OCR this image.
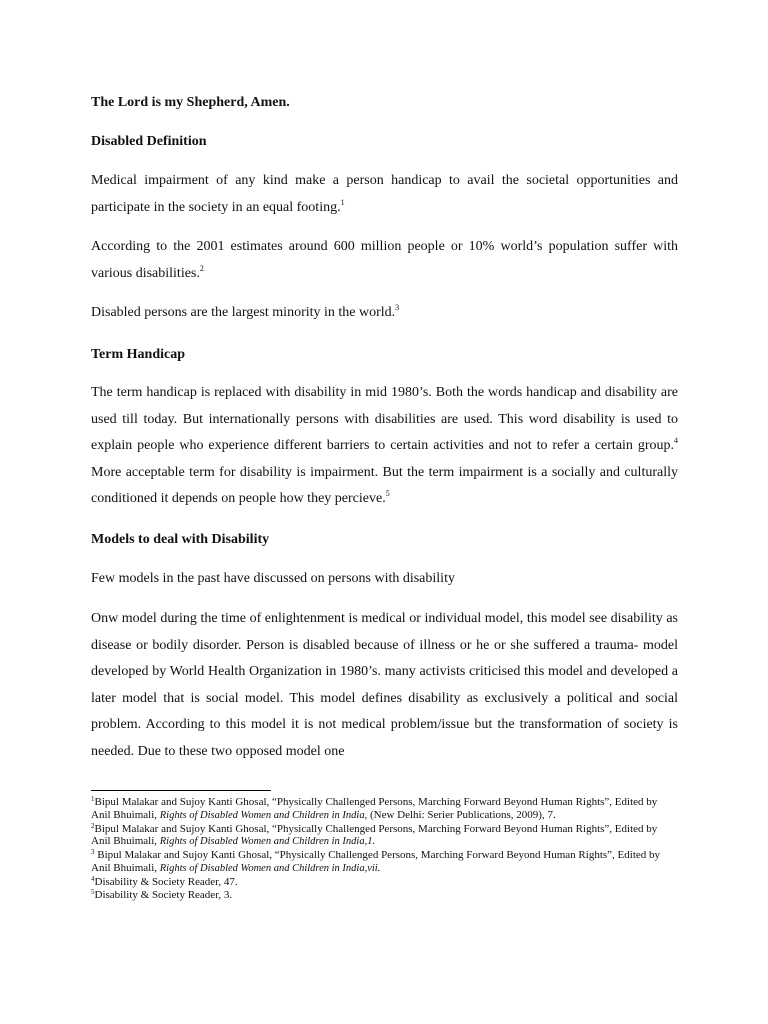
The Lord is my Shepherd, Amen.
Disabled Definition
Medical impairment of any kind make a person handicap to avail the societal opportunities and participate in the society in an equal footing.$^1$
According to the 2001 estimates around 600 million people or 10% world’s population suffer with various disabilities.$^2$
Disabled persons are the largest minority in the world.$^3$
Term Handicap
The term handicap is replaced with disability in mid 1980’s. Both the words handicap and disability are used till today. But internationally persons with disabilities are used. This word disability is used to explain people who experience different barriers to certain activities and not to refer a certain group.$^4$ More acceptable term for disability is impairment. But the term impairment is a socially and culturally conditioned it depends on people how they percieve.$^5$
Models to deal with Disability
Few models in the past have discussed on persons with disability
Onw model during the time of enlightenment is medical or individual model, this model see disability as disease or bodily disorder. Person is disabled because of illness or he or she suffered a trauma- model developed by World Health Organization in 1980’s. many activists criticised this model and developed a later model that is social model. This model defines disability as exclusively a political and social problem. According to this model it is not medical problem/issue but the transformation of society is needed. Due to these two opposed model one

$^1$Bipul Malakar and Sujoy Kanti Ghosal, “Physically Challenged Persons, Marching Forward Beyond Human Rights”, Edited by Anil Bhuimali, Rights of Disabled Women and Children in India, (New Delhi: Serier Publications, 2009), 7.

$^2$Bipul Malakar and Sujoy Kanti Ghosal, “Physically Challenged Persons, Marching Forward Beyond Human Rights”, Edited by Anil Bhuimali, Rights of Disabled Women and Children in India,1.

$^3$ Bipul Malakar and Sujoy Kanti Ghosal, “Physically Challenged Persons, Marching Forward Beyond Human Rights”, Edited by Anil Bhuimali, Rights of Disabled Women and Children in India,vii.

$^4$Disability & Society Reader, 47.

$^5$Disability & Society Reader, 3.
